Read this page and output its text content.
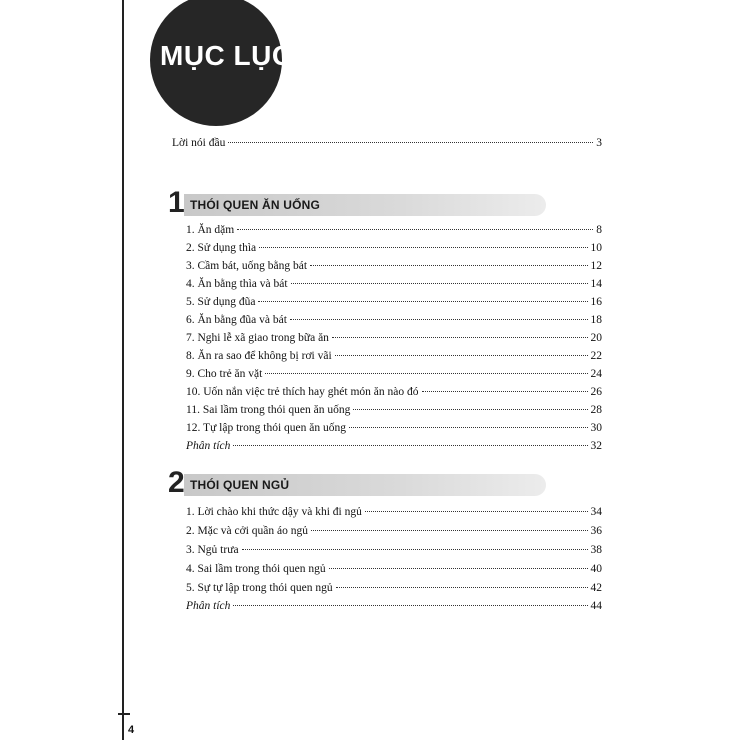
4
MỤC LỤC
Lời nói đầu	3
1 THÓI QUEN ĂN UỐNG
1. Ăn dặm	8
2. Sử dụng thìa	10
3. Cầm bát, uống bằng bát	12
4. Ăn bằng thìa và bát	14
5. Sử dụng đũa	16
6. Ăn bằng đũa và bát	18
7. Nghi lễ xã giao trong bữa ăn	20
8. Ăn ra sao để không bị rơi vãi	22
9. Cho trẻ ăn vặt	24
10. Uốn nắn việc trẻ thích hay ghét món ăn nào đó	26
11. Sai lầm trong thói quen ăn uống	28
12. Tự lập trong thói quen ăn uống	30
Phân tích	32
2 THÓI QUEN NGỦ
1. Lời chào khi thức dậy và khi đi ngủ	34
2. Mặc và cởi quần áo ngủ	36
3. Ngủ trưa	38
4. Sai lầm trong thói quen ngủ	40
5. Sự tự lập trong thói quen ngủ	42
Phân tích	44
